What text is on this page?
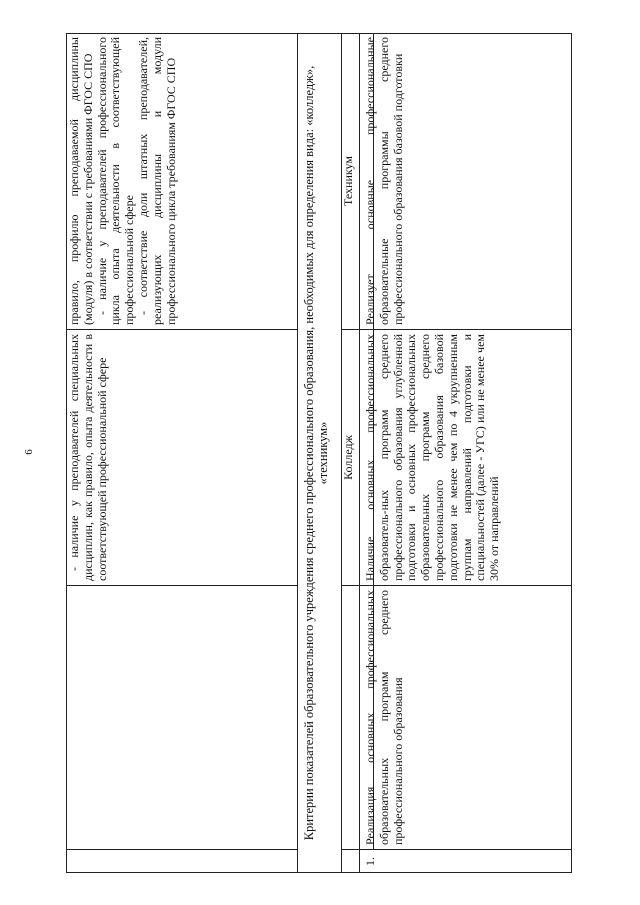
6	- наличие у преподавателей специальных дисциплин, как правило, опыта деятельности в соответствующей профессиональной сфере

правило, профилю преподаваемой дисциплины (модуля) в соответствии с требованиями ФГОС СПО - наличие у преподавателей профессионального цикла опыта деятельности в соответствующей профессиональной сфере - соответствие доли штатных преподавателей, реализующих дисциплины и модули профессионального цикла требованиям ФГОС СПО	Критерии показателей образовательного учреждения среднего профессионального образования, необходимых для определения вида: «колледж», «техникум» Колледж
Техникум
1.
Реализация основных профессиональных образовательных программ среднего профессионального образования
Наличие основных профессиональных образователь-ных программ среднего профессионального образования углубленной подготовки и основных профессиональных образовательных программ среднего профессионального образования базовой подготовки не менее чем по 4 укрупненным группам направлений подготовки и специальностей (далее - УГС) или не менее чем 30% от направлений
Реализует основные профессиональные образовательные программы среднего профессионального образования базовой подготовки
